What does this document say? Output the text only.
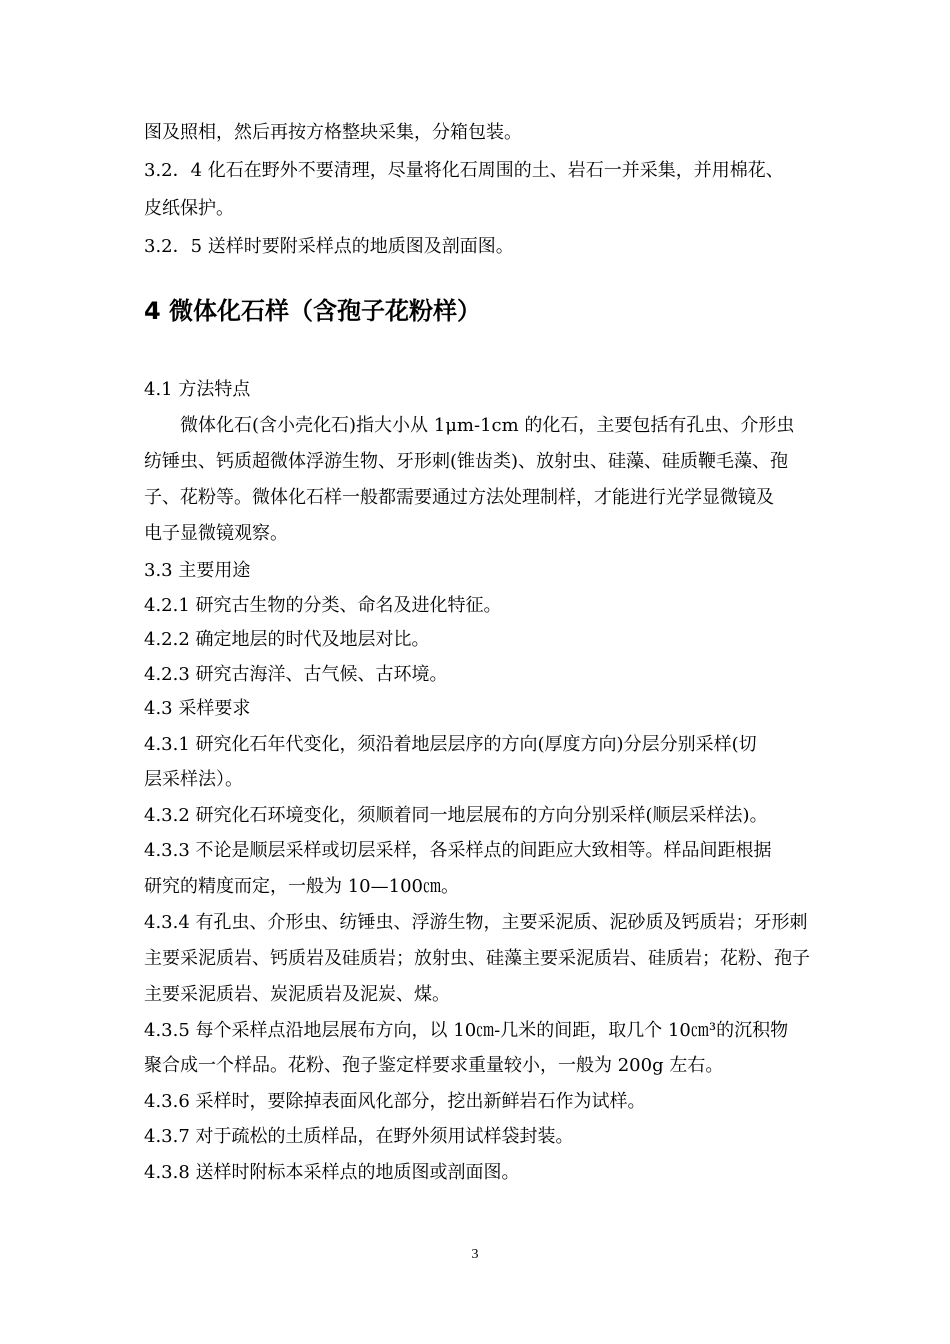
图及照相，然后再按方格整块采集，分箱包装。
3.2．4 化石在野外不要清理，尽量将化石周围的土、岩石一并采集，并用棉花、
皮纸保护。
3.2．5 送样时要附采样点的地质图及剖面图。
4 微体化石样（含孢子花粉样）
4.1 方法特点
微体化石(含小壳化石)指大小从 1μm-1cm 的化石，主要包括有孔虫、介形虫
纺锤虫、钙质超微体浮游生物、牙形刺(锥齿类)、放射虫、硅藻、硅质鞭毛藻、孢
子、花粉等。微体化石样一般都需要通过方法处理制样，才能进行光学显微镜及
电子显微镜观察。
3.3 主要用途
4.2.1 研究古生物的分类、命名及进化特征。
4.2.2 确定地层的时代及地层对比。
4.2.3 研究古海洋、古气候、古环境。
4.3 采样要求
4.3.1 研究化石年代变化，须沿着地层层序的方向(厚度方向)分层分别采样(切
层采样法）。
4.3.2 研究化石环境变化，须顺着同一地层展布的方向分别采样(顺层采样法)。
4.3.3 不论是顺层采样或切层采样，各采样点的间距应大致相等。样品间距根据
研究的精度而定，一般为 10—100㎝。
4.3.4 有孔虫、介形虫、纺锤虫、浮游生物，主要采泥质、泥砂质及钙质岩；牙形刺
主要采泥质岩、钙质岩及硅质岩；放射虫、硅藻主要采泥质岩、硅质岩；花粉、孢子
主要采泥质岩、炭泥质岩及泥炭、煤。
4.3.5 每个采样点沿地层展布方向，以 10㎝-几米的间距，取几个 10㎝³的沉积物
聚合成一个样品。花粉、孢子鉴定样要求重量较小，一般为 200g 左右。
4.3.6 采样时，要除掉表面风化部分，挖出新鲜岩石作为试样。
4.3.7 对于疏松的土质样品，在野外须用试样袋封装。
4.3.8 送样时附标本采样点的地质图或剖面图。
3
